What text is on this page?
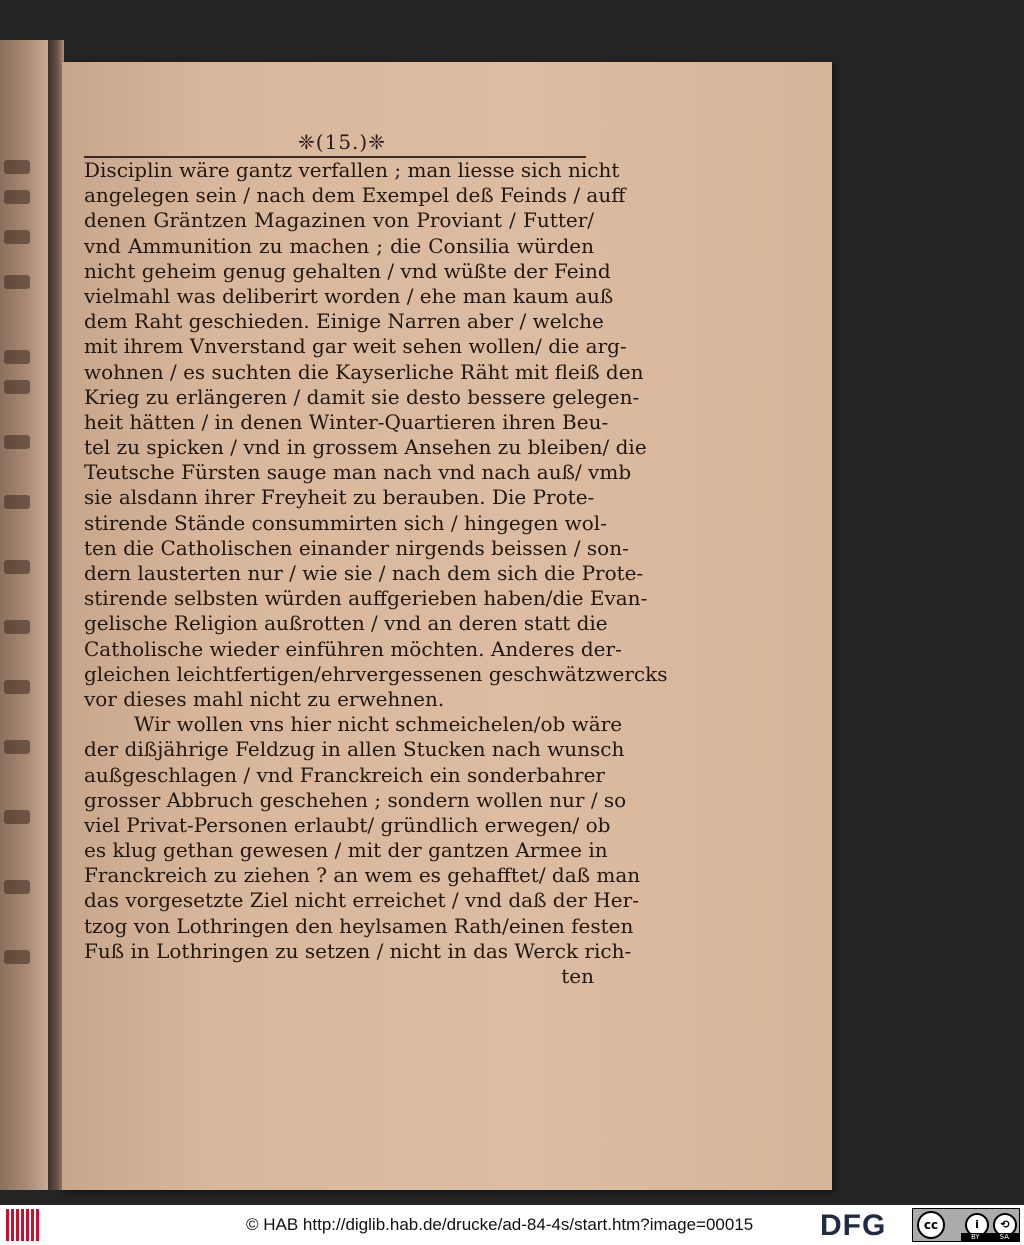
❈(15.)❈
Disciplin wäre gantz verfallen ; man liesse sich nicht
angelegen sein / nach dem Exempel deß Feinds / auff
denen Gräntzen Magazinen von Proviant / Futter/
vnd Ammunition zu machen ; die Consilia würden
nicht geheim genug gehalten / vnd wüßte der Feind
vielmahl was deliberirt worden / ehe man kaum auß
dem Raht geschieden. Einige Narren aber / welche
mit ihrem Vnverstand gar weit sehen wollen/ die arg-
wohnen / es suchten die Kayserliche Räht mit fleiß den
Krieg zu erlängeren / damit sie desto bessere gelegen-
heit hätten / in denen Winter-Quartieren ihren Beu-
tel zu spicken / vnd in grossem Ansehen zu bleiben/ die
Teutsche Fürsten sauge man nach vnd nach auß/ vmb
sie alsdann ihrer Freyheit zu berauben. Die Prote-
stirende Stände consummirten sich / hingegen wol-
ten die Catholischen einander nirgends beissen / son-
dern lausterten nur / wie sie / nach dem sich die Prote-
stirende selbsten würden auffgerieben haben/die Evan-
gelische Religion außrotten / vnd an deren statt die
Catholische wieder einführen möchten. Anderes der-
gleichen leichtfertigen/ehrvergessenen geschwätzwercks
vor dieses mahl nicht zu erwehnen.
Wir wollen vns hier nicht schmeichelen/ob wäre
der dißjährige Feldzug in allen Stucken nach wunsch
außgeschlagen / vnd Franckreich ein sonderbahrer
grosser Abbruch geschehen ; sondern wollen nur / so
viel Privat-Personen erlaubt/ gründlich erwegen/ ob
es klug gethan gewesen / mit der gantzen Armee in
Franckreich zu ziehen ? an wem es gehafftet/ daß man
das vorgesetzte Ziel nicht erreichet / vnd daß der Her-
tzog von Lothringen den heylsamen Rath/einen festen
Fuß in Lothringen zu setzen / nicht in das Werck rich-
ten
© HAB http://diglib.hab.de/drucke/ad-84-4s/start.htm?image=00015 DFG	cc	i	⟲
BY	SA
